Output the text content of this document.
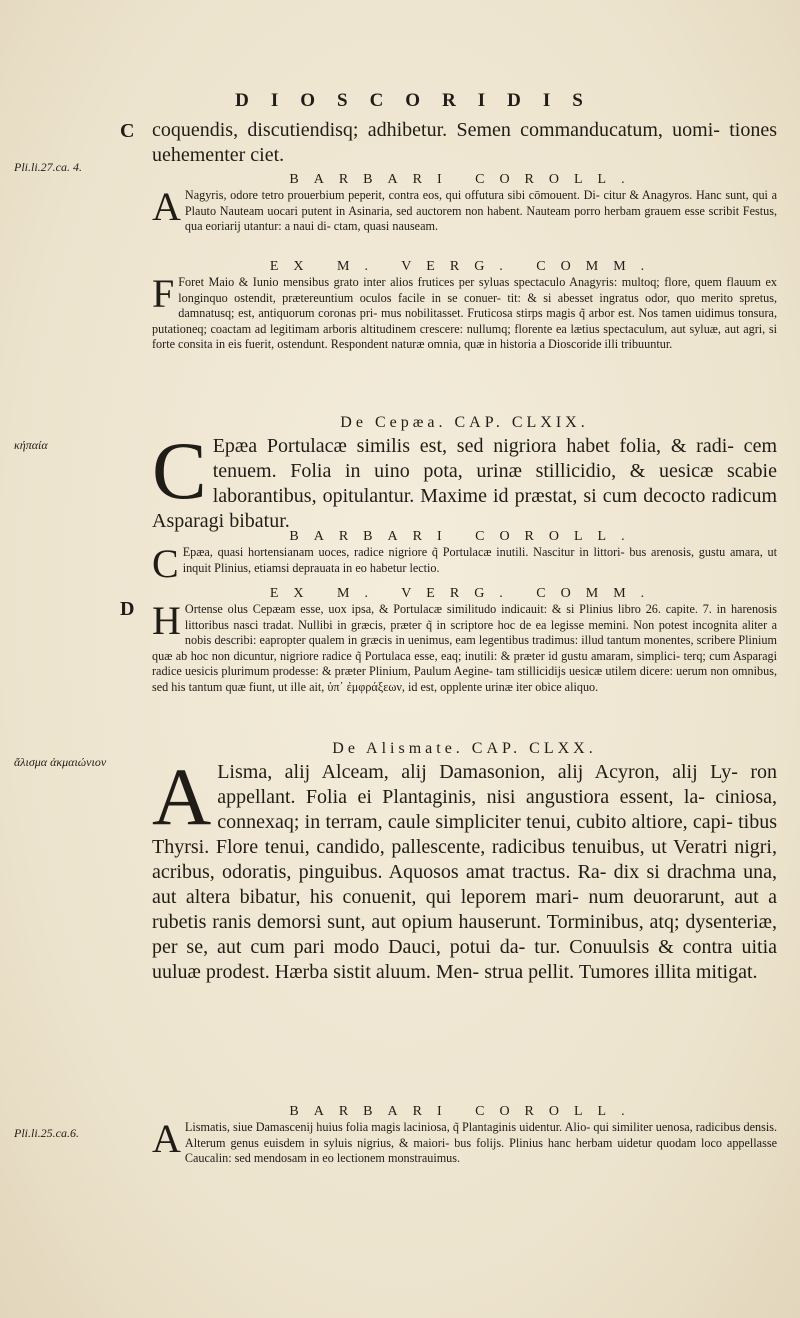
DIOSCORIDIS
C
D
Pli.li.27.ca. 4.
κήπαία
ἄλισμα ἀκμαιώνιον
Pli.li.25.ca.6.

coquendis, discutiendisq; adhibetur. Semen commanducatum, uomi- tiones uehementer ciet.

BARBARI COROLL.

A Nagyris, odore tetro prouerbium peperit, contra eos, qui offutura sibi cōmouent. Di- citur & Anagyros. Hanc sunt, qui a Plauto Nauteam uocari putent in Asinaria, sed auctorem non habent. Nauteam porro herbam grauem esse scribit Festus, qua eoriarij utantur: a naui di- ctam, quasi nauseam.

EX M. VERG. COMM.

F Foret Maio & Iunio mensibus grato inter alios frutices per syluas spectaculo Anagyris: multoq; flore, quem flauum ex longinquo ostendit, prætereuntium oculos facile in se conuer- tit: & si abesset ingratus odor, quo merito spretus, damnatusq; est, antiquorum coronas pri- mus nobilitasset. Fruticosa stirps magis q̃ arbor est. Nos tamen uidimus tonsura, putationeq; coactam ad legitimam arboris altitudinem crescere: nullumq; florente ea lætius spectaculum, aut syluæ, aut agri, si forte consita in eis fuerit, ostendunt. Respondent naturæ omnia, quæ in historia a Dioscoride illi tribuuntur.

De Cepæa. CAP. CLXIX.

C Epæa Portulacæ similis est, sed nigriora habet folia, & radi- cem tenuem. Folia in uino pota, urinæ stillicidio, & uesicæ scabie laborantibus, opitulantur. Maxime id præstat, si cum decocto radicum Asparagi bibatur.

BARBARI COROLL.

C Epæa, quasi hortensianam uoces, radice nigriore q̃ Portulacæ inutili. Nascitur in littori- bus arenosis, gustu amara, ut inquit Plinius, etiamsi deprauata in eo habetur lectio.

EX M. VERG. COMM.

H Ortense olus Cepæam esse, uox ipsa, & Portulacæ similitudo indicauit: & si Plinius libro 26. capite. 7. in harenosis littoribus nasci tradat. Nullibi in græcis, præter q̃ in scriptore hoc de ea legisse memini. Non potest incognita aliter a nobis describi: eapropter qualem in græcis in uenimus, eam legentibus tradimus: illud tantum monentes, scribere Plinium quæ ab hoc non dicuntur, nigriore radice q̃ Portulaca esse, eaq; inutili: & præter id gustu amaram, simplici- terq; cum Asparagi radice uesicis plurimum prodesse: & præter Plinium, Paulum Aegine- tam stillicidijs uesicæ utilem dicere: uerum non omnibus, sed his tantum quæ fiunt, ut ille ait, ὑπ᾽ ἐμφράξεων, id est, opplente urinæ iter obice aliquo.

De Alismate. CAP. CLXX.

A Lisma, alij Alceam, alij Damasonion, alij Acyron, alij Ly- ron appellant. Folia ei Plantaginis, nisi angustiora essent, la- ciniosa, connexaq; in terram, caule simpliciter tenui, cubito altiore, capi- tibus Thyrsi. Flore tenui, candido, pallescente, radicibus tenuibus, ut Veratri nigri, acribus, odoratis, pinguibus. Aquosos amat tractus. Ra- dix si drachma una, aut altera bibatur, his conuenit, qui leporem mari- num deuorarunt, aut a rubetis ranis demorsi sunt, aut opium hauserunt. Torminibus, atq; dysenteriæ, per se, aut cum pari modo Dauci, potui da- tur. Conuulsis & contra uitia uuluæ prodest. Hærba sistit aluum. Men- strua pellit. Tumores illita mitigat.

BARBARI COROLL.

A Lismatis, siue Damascenij huius folia magis laciniosa, q̃ Plantaginis uidentur. Alio- qui similiter uenosa, radicibus densis. Alterum genus euisdem in syluis nigrius, & maiori- bus folijs. Plinius hanc herbam uidetur quodam loco appellasse Caucalin: sed mendosam in eo lectionem monstrauimus.
